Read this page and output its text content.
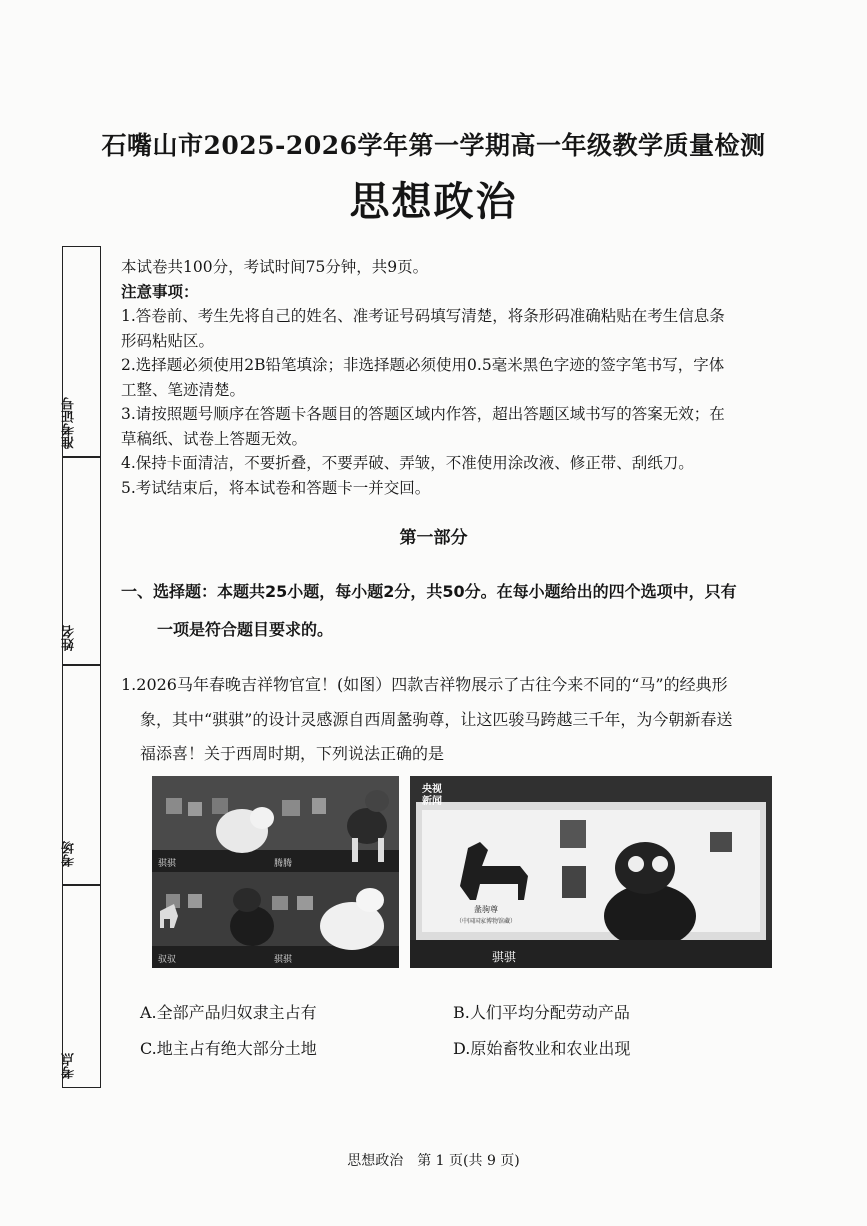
石嘴山市2025-2026学年第一学期高一年级教学质量检测
思想政治
准考证号
姓名
考场
考点
本试卷共100分，考试时间75分钟，共9页。
注意事项：
1.答卷前、考生先将自己的姓名、准考证号码填写清楚，将条形码准确粘贴在考生信息条
形码粘贴区。
2.选择题必须使用2B铅笔填涂；非选择题必须使用0.5毫米黑色字迹的签字笔书写，字体
工整、笔迹清楚。
3.请按照题号顺序在答题卡各题目的答题区域内作答，超出答题区域书写的答案无效；在
草稿纸、试卷上答题无效。
4.保持卡面清洁，不要折叠，不要弄破、弄皱，不准使用涂改液、修正带、刮纸刀。
5.考试结束后，将本试卷和答题卡一并交回。
第一部分
一、选择题：本题共25小题，每小题2分，共50分。在每小题给出的四个选项中，只有
一项是符合题目要求的。
1.2026马年春晚吉祥物官宣！(如图）四款吉祥物展示了古往今来不同的“马”的经典形
象，其中“骐骐”的设计灵感源自西周盠驹尊，让这匹骏马跨越三千年，为今朝新春送
福添喜！关于西周时期，下列说法正确的是
骐骐	腾腾
驭驭	骐骐
央视
新闻
盠驹尊
（中国国家博物馆藏）
骐骐
A.全部产品归奴隶主占有	B.人们平均分配劳动产品
C.地主占有绝大部分土地	D.原始畜牧业和农业出现
思想政治　第 1 页(共 9 页)
